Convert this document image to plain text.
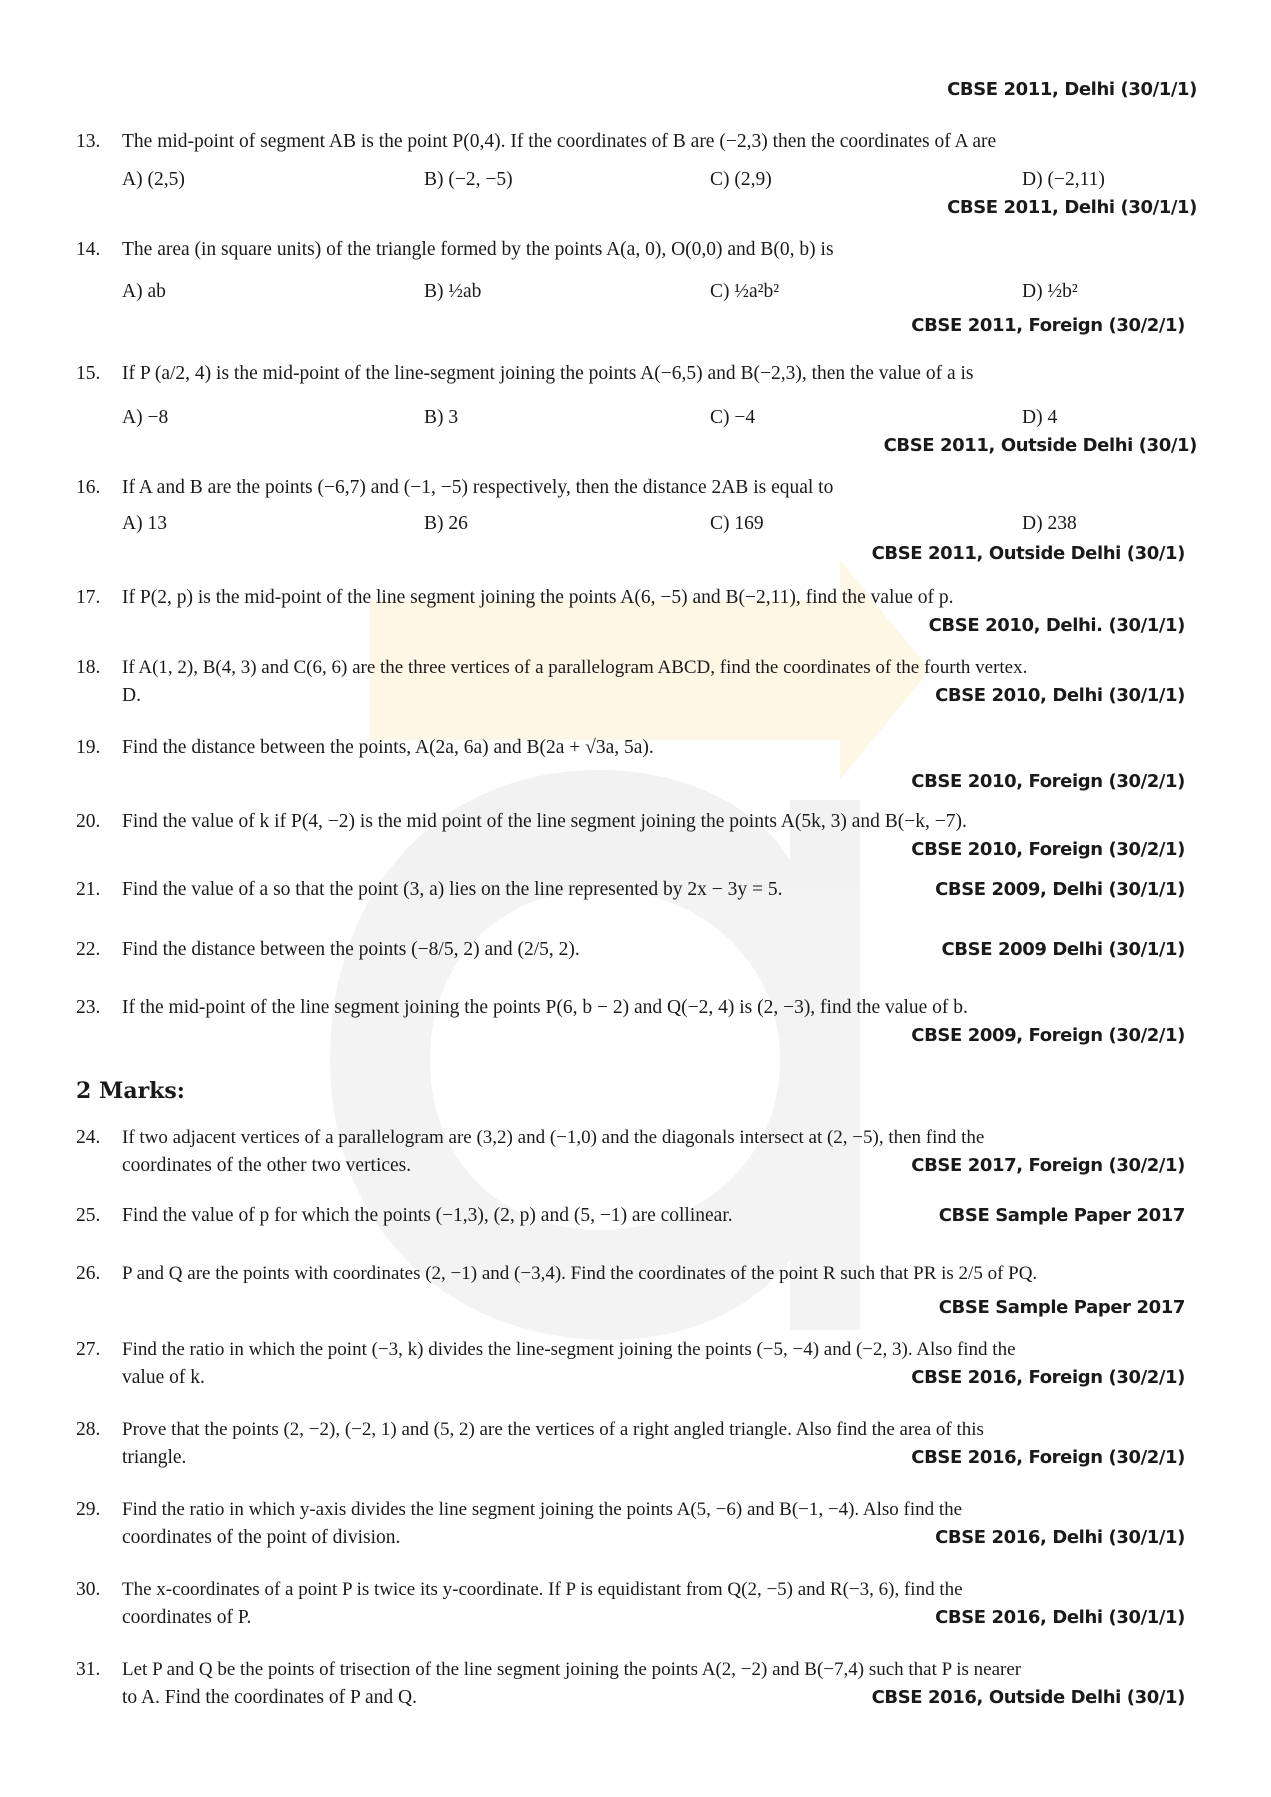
CBSE 2011, Delhi (30/1/1)
13.	The mid-point of segment AB is the point P(0,4). If the coordinates of B are (−2,3) then the coordinates of A are
A) (2,5)	B) (−2, −5)	C) (2,9)	D) (−2,11)
CBSE 2011, Delhi (30/1/1)
14.	The area (in square units) of the triangle formed by the points A(a, 0), O(0,0) and B(0, b) is
A) ab	B) ½ab	C) ½a²b²	D) ½b²
CBSE 2011, Foreign (30/2/1)
15.	If P (a/2, 4) is the mid-point of the line-segment joining the points A(−6,5) and B(−2,3), then the value of a is
A) −8	B) 3	C) −4	D) 4
CBSE 2011, Outside Delhi (30/1)
16.	If A and B are the points (−6,7) and (−1, −5) respectively, then the distance 2AB is equal to
A) 13	B) 26	C) 169	D) 238
CBSE 2011, Outside Delhi (30/1)
17.	If P(2, p) is the mid-point of the line segment joining the points A(6, −5) and B(−2,11), find the value of p.
CBSE 2010, Delhi. (30/1/1)
18.	If A(1, 2), B(4, 3) and C(6, 6) are the three vertices of a parallelogram ABCD, find the coordinates of the fourth vertex.
D.	CBSE 2010, Delhi (30/1/1)
19.	Find the distance between the points, A(2a, 6a) and B(2a + √3a, 5a).
CBSE 2010, Foreign (30/2/1)
20.	Find the value of k if P(4, −2) is the mid point of the line segment joining the points A(5k, 3) and B(−k, −7).
CBSE 2010, Foreign (30/2/1)
21.	Find the value of a so that the point (3, a) lies on the line represented by 2x − 3y = 5.	CBSE 2009, Delhi (30/1/1)
22.	Find the distance between the points (−8/5, 2) and (2/5, 2).	CBSE 2009 Delhi (30/1/1)
23.	If the mid-point of the line segment joining the points P(6, b − 2) and Q(−2, 4) is (2, −3), find the value of b.
CBSE 2009, Foreign (30/2/1)
2 Marks:
24.	If two adjacent vertices of a parallelogram are (3,2) and (−1,0) and the diagonals intersect at (2, −5), then find the
coordinates of the other two vertices.	CBSE 2017, Foreign (30/2/1)
25.	Find the value of p for which the points (−1,3), (2, p) and (5, −1) are collinear.	CBSE Sample Paper 2017
26.	P and Q are the points with coordinates (2, −1) and (−3,4). Find the coordinates of the point R such that PR is 2/5 of PQ.
CBSE Sample Paper 2017
27.	Find the ratio in which the point (−3, k) divides the line-segment joining the points (−5, −4) and (−2, 3). Also find the
value of k.	CBSE 2016, Foreign (30/2/1)
28.	Prove that the points (2, −2), (−2, 1) and (5, 2) are the vertices of a right angled triangle. Also find the area of this
triangle.	CBSE 2016, Foreign (30/2/1)
29.	Find the ratio in which y-axis divides the line segment joining the points A(5, −6) and B(−1, −4). Also find the
coordinates of the point of division.	CBSE 2016, Delhi (30/1/1)
30.	The x-coordinates of a point P is twice its y-coordinate. If P is equidistant from Q(2, −5) and R(−3, 6), find the
coordinates of P.	CBSE 2016, Delhi (30/1/1)
31.	Let P and Q be the points of trisection of the line segment joining the points A(2, −2) and B(−7,4) such that P is nearer
to A. Find the coordinates of P and Q.	CBSE 2016, Outside Delhi (30/1)
